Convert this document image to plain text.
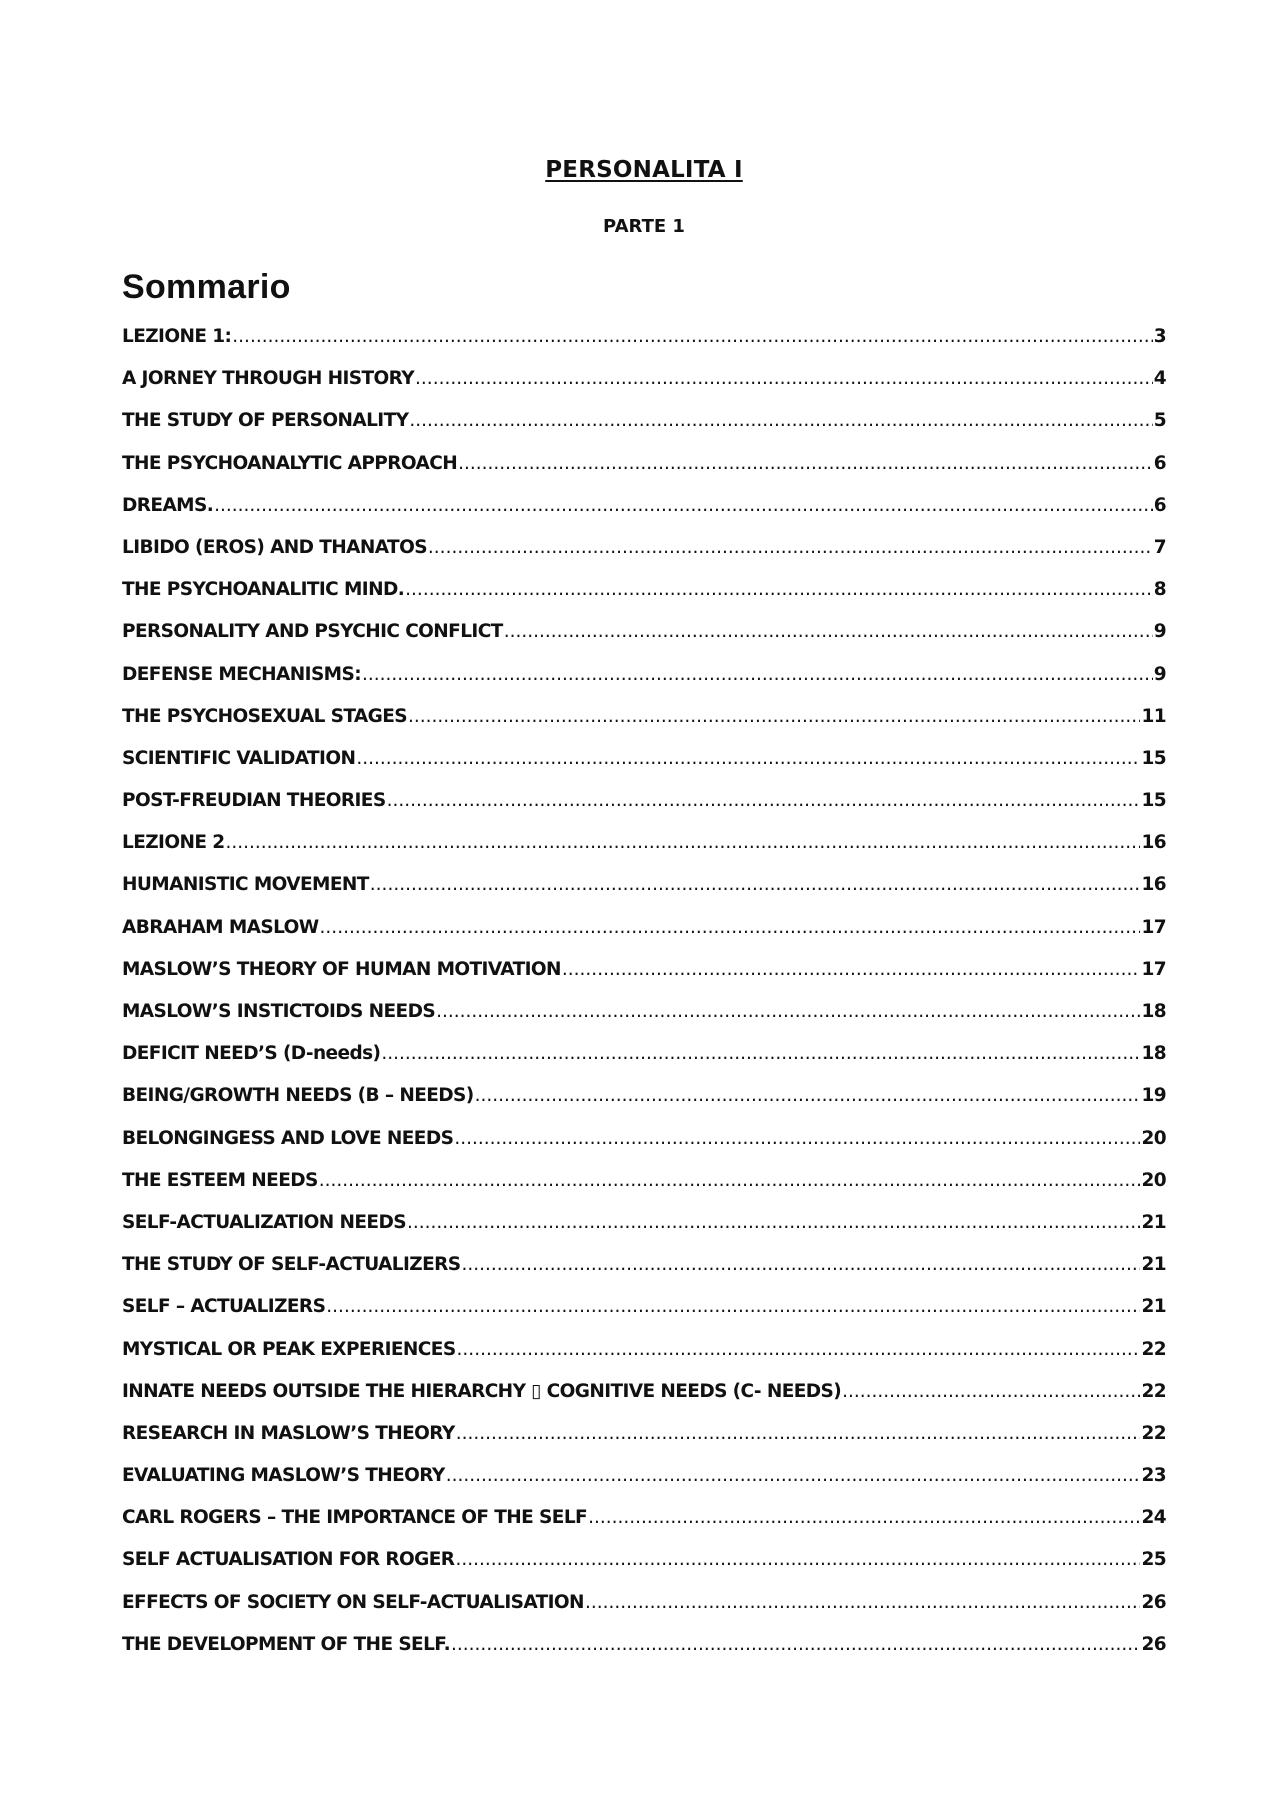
PERSONALITA I
PARTE 1
Sommario
LEZIONE 1: .....	3
A JORNEY THROUGH HISTORY .....	4
THE STUDY OF PERSONALITY .....	5
THE PSYCHOANALYTIC APPROACH .....	6
DREAMS. .....	6
LIBIDO (EROS) AND THANATOS .....	7
THE PSYCHOANALITIC MIND. .....	8
PERSONALITY AND PSYCHIC CONFLICT .....	9
DEFENSE MECHANISMS: .....	9
THE PSYCHOSEXUAL STAGES .....	11
SCIENTIFIC VALIDATION .....	15
POST-FREUDIAN THEORIES .....	15
LEZIONE 2 .....	16
HUMANISTIC MOVEMENT .....	16
ABRAHAM MASLOW .....	17
MASLOW’S THEORY OF HUMAN MOTIVATION .....	17
MASLOW’S INSTICTOIDS NEEDS .....	18
DEFICIT NEED’S (D-needs) .....	18
BEING/GROWTH NEEDS (B – NEEDS) .....	19
BELONGINGESS AND LOVE NEEDS .....	20
THE ESTEEM NEEDS .....	20
SELF-ACTUALIZATION NEEDS .....	21
THE STUDY OF SELF-ACTUALIZERS .....	21
SELF – ACTUALIZERS .....	21
MYSTICAL OR PEAK EXPERIENCES .....	22
INNATE NEEDS OUTSIDE THE HIERARCHY ▯ COGNITIVE NEEDS (C- NEEDS) .....	22
RESEARCH IN MASLOW’S THEORY .....	22
EVALUATING MASLOW’S THEORY .....	23
CARL ROGERS – THE IMPORTANCE OF THE SELF .....	24
SELF ACTUALISATION FOR ROGER .....	25
EFFECTS OF SOCIETY ON SELF-ACTUALISATION .....	26
THE DEVELOPMENT OF THE SELF. .....	26
